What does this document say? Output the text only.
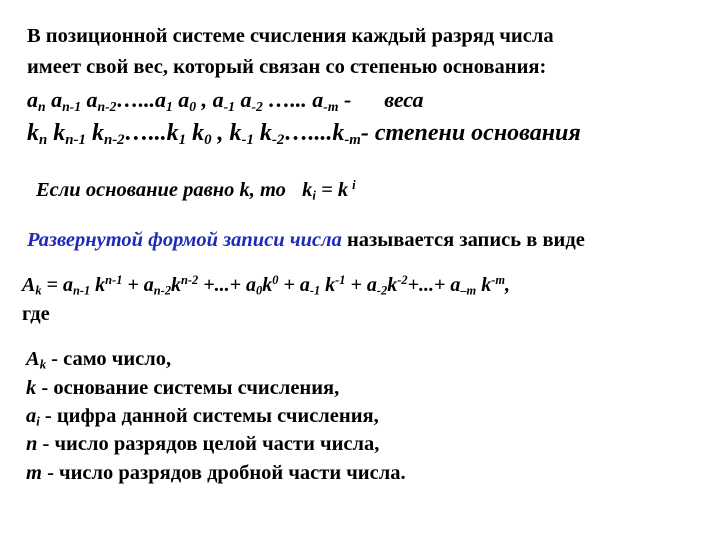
В позиционной системе счисления каждый разряд числа
имеет свой вес, который связан со степенью основания:
$a_n$ $a_{n-1}$ $a_{n-2}\dots...a_1$ $a_0$ , $a_{-1}$ $a_{-2}$ …... $a_{-m}$ - веса
$k_n$ $k_{n-1}$ $k_{n-2}\dots...k_1$ $k_0$ , $k_{-1}$ $k_{-2}\dots....k_{-m}-$ степени основания
Если основание равно k, то $k_i = k$ $^i$
Развернутой формой записи числа называется запись в виде
$A_k = a_{n-1}$ $k^{n-1} + a_{n-2}k^{n-2}$ +...+ $a_0k^0 + a_{-1}$ $k^{-1} + a_{-2}k^{-2}+...+ a_{-m}$ $k^{-m}$,
где
$A_k$ - само число,
k - основание системы счисления,
$a_i$ - цифра данной системы счисления,
n - число разрядов целой части числа,
m - число разрядов дробной части числа.
